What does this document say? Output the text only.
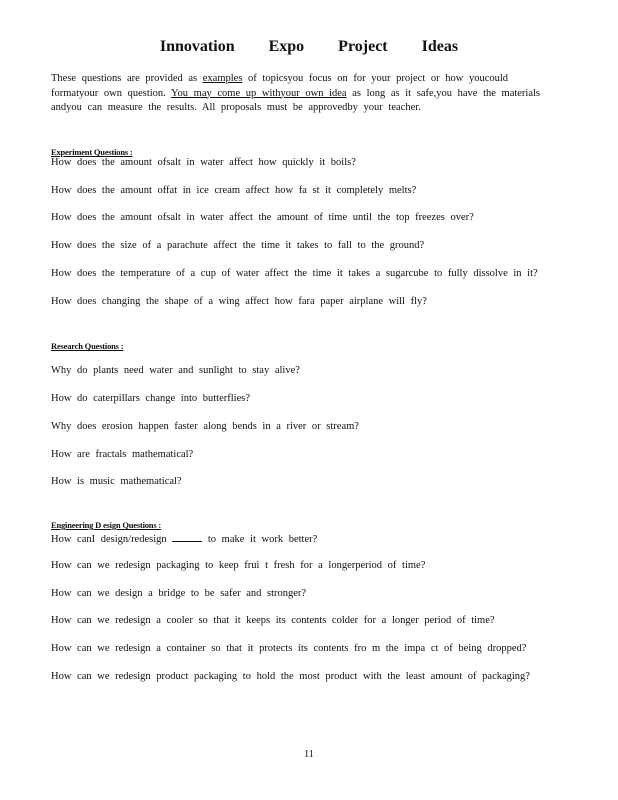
Innovation Expo Project Ideas
These questions are provided as examples of topicsyou focus on for your project or how youcould formatyour own question. You may come up withyour own idea as long as it safe,you have the materials andyou can measure the results. All proposals must be approvedby your teacher.
Experiment Questions :
How does the amount ofsalt in water affect how quickly it boils?
How does the amount offat in ice cream affect how fa st it completely melts?
How does the amount ofsalt in water affect the amount of time until the top freezes over?
How does the size of a parachute affect the time it takes to fall to the ground?
How does the temperature of a cup of water affect the time it takes a sugarcube to fully dissolve in it?
How does changing the shape of a wing affect how fara paper airplane will fly?
Research Questions :
Why do plants need water and sunlight to stay alive?
How do caterpillars change into butterflies?
Why does erosion happen faster along bends in a river or stream?
How are fractals mathematical?
How is music mathematical?
Engineering D esign Questions :
How canI design/redesign	to make it work better?
How can we redesign packaging to keep frui t fresh for a longerperiod of time?
How can we design a bridge to be safer and stronger?
How can we redesign a cooler so that it keeps its contents colder for a longer period of time?
How can we redesign a container so that it protects its contents fro m the impa ct of being dropped?
How can we redesign product packaging to hold the most product with the least amount of packaging?
11
